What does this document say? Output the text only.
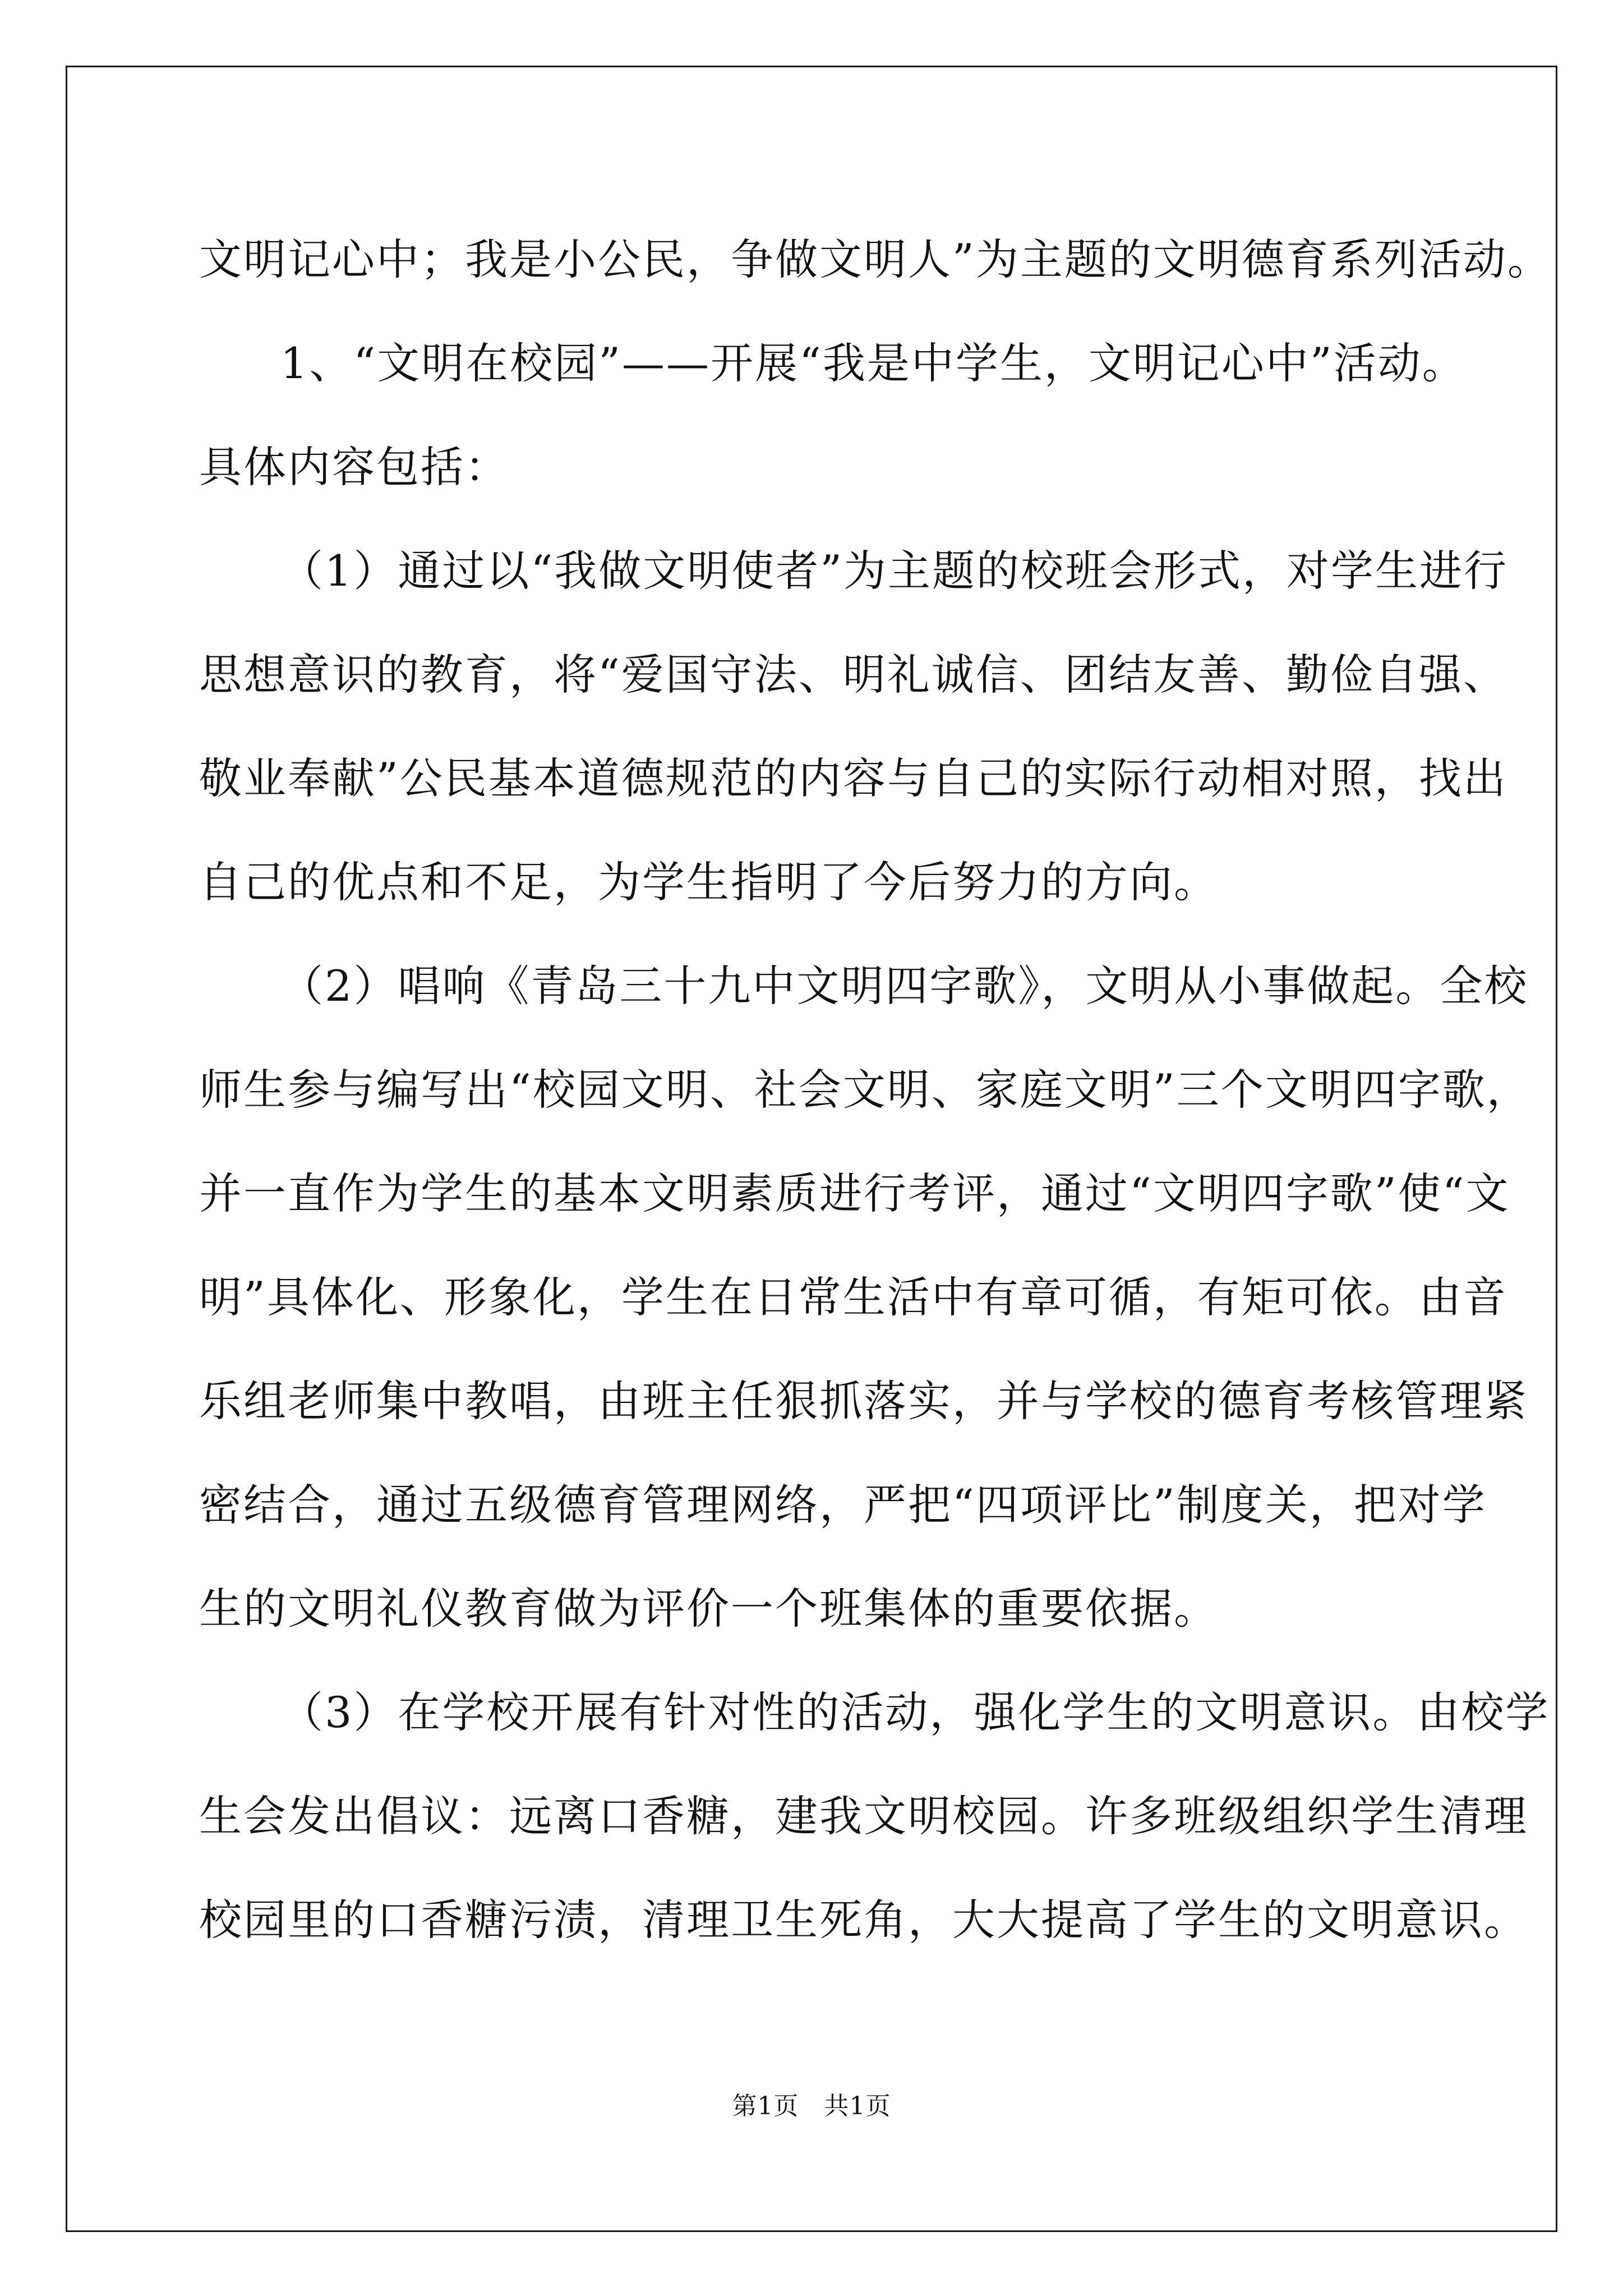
文明记心中；我是小公民，争做文明人”为主题的文明德育系列活动。
1、“文明在校园”——开展“我是中学生，文明记心中”活动。
具体内容包括：
（1）通过以“我做文明使者”为主题的校班会形式，对学生进行
思想意识的教育，将“爱国守法、明礼诚信、团结友善、勤俭自强、
敬业奉献”公民基本道德规范的内容与自己的实际行动相对照，找出
自己的优点和不足，为学生指明了今后努力的方向。
（2）唱响《青岛三十九中文明四字歌》，文明从小事做起。全校
师生参与编写出“校园文明、社会文明、家庭文明”三个文明四字歌，
并一直作为学生的基本文明素质进行考评，通过“文明四字歌”使“文
明”具体化、形象化，学生在日常生活中有章可循，有矩可依。由音
乐组老师集中教唱，由班主任狠抓落实，并与学校的德育考核管理紧
密结合，通过五级德育管理网络，严把“四项评比”制度关，把对学
生的文明礼仪教育做为评价一个班集体的重要依据。
（3）在学校开展有针对性的活动，强化学生的文明意识。由校学
生会发出倡议：远离口香糖，建我文明校园。许多班级组织学生清理
校园里的口香糖污渍，清理卫生死角，大大提高了学生的文明意识。
第1页　共1页
